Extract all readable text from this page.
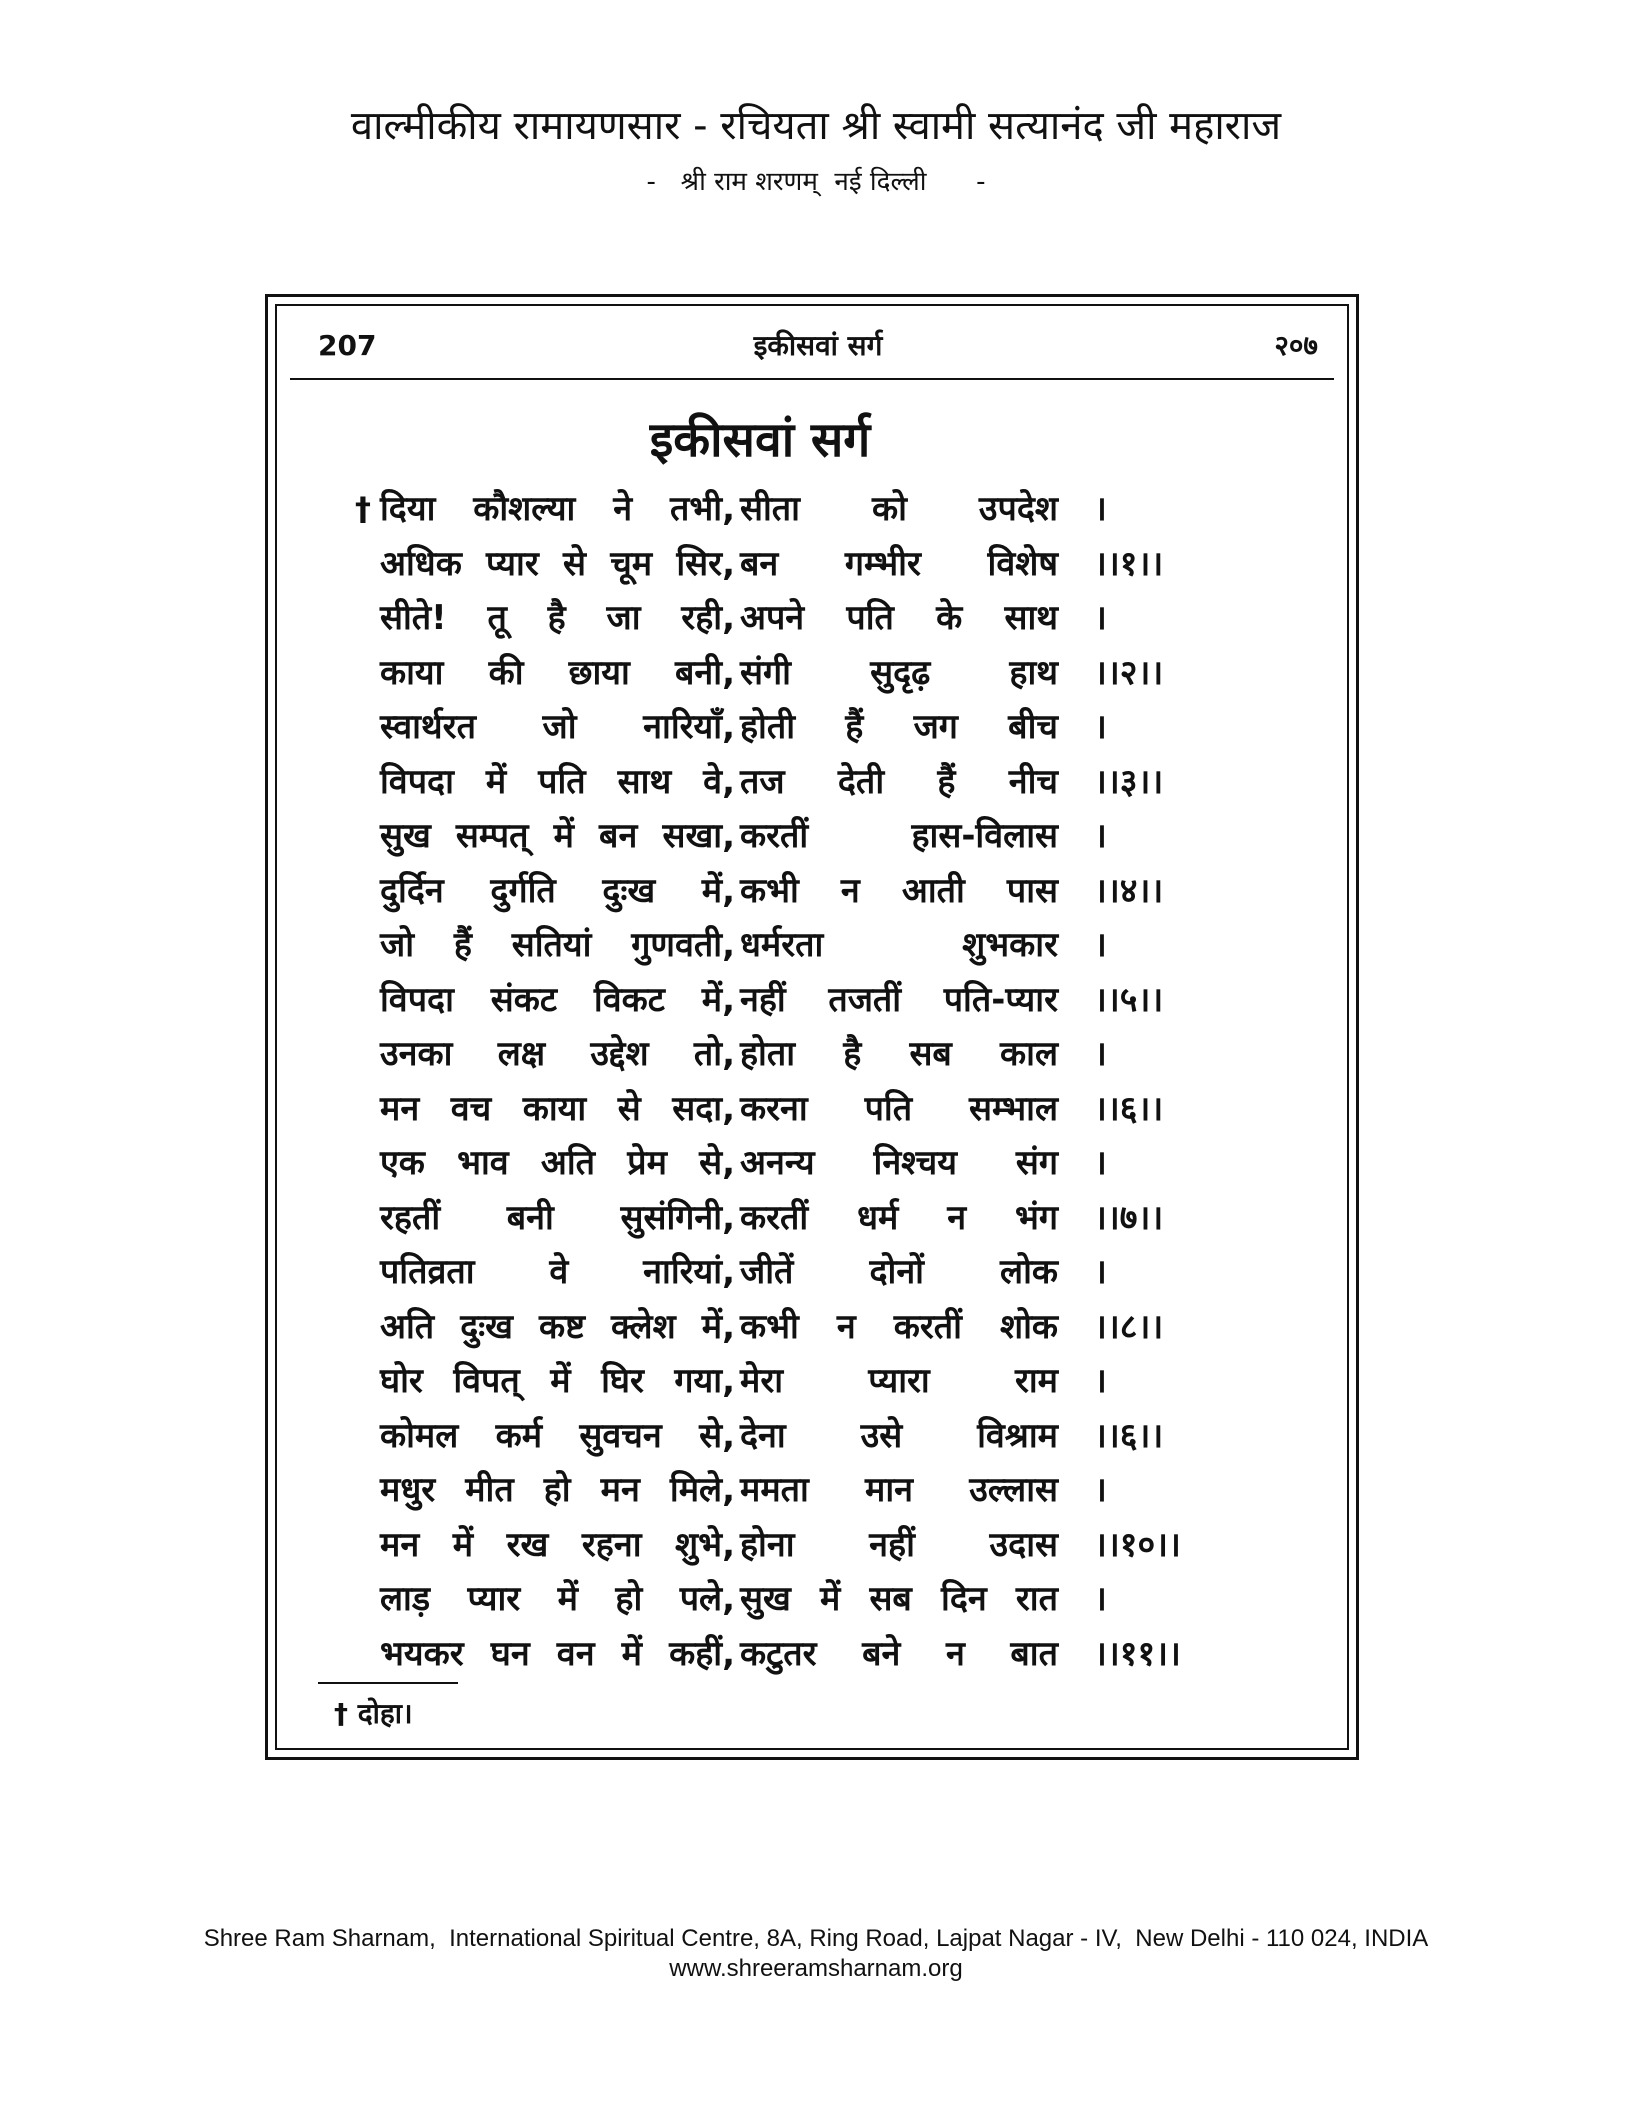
वाल्मीकीय रामायणसार - रचियता श्री स्वामी सत्यानंद जी महाराज
-   श्री राम शरणम्  नई दिल्ली      -
इकीसवां सर्ग
207	२०७
इकीसवां सर्ग
† दिया कौशल्या ने तभी, सीता को उपदेश ।
अधिक प्यार से चूम सिर, बन गम्भीर विशेष ।।१।।
सीते! तू है जा रही, अपने पति के साथ ।
काया की छाया बनी, संगी सुदृढ़ हाथ ।।२।।
स्वार्थरत जो नारियाँ, होती हैं जग बीच ।
विपदा में पति साथ वे, तज देती हैं नीच ।।३।।
सुख सम्पत् में बन सखा, करतीं हास-विलास ।
दुर्दिन दुर्गति दुःख में, कभी न आती पास ।।४।।
जो हैं सतियां गुणवती, धर्मरता शुभकार ।
विपदा संकट विकट में, नहीं तजतीं पति-प्यार ।।५।।
उनका लक्ष उद्देश तो, होता है सब काल ।
मन वच काया से सदा, करना पति सम्भाल ।।६।।
एक भाव अति प्रेम से, अनन्य निश्चय संग ।
रहतीं बनी सुसंगिनी, करतीं धर्म न भंग ।।७।।
पतिव्रता वे नारियां, जीतें दोनों लोक ।
अति दुःख कष्ट क्लेश में, कभी न करतीं शोक ।।८।।
घोर विपत् में घिर गया, मेरा प्यारा राम ।
कोमल कर्म सुवचन से, देना उसे विश्राम ।।६।।
मधुर मीत हो मन मिले, ममता मान उल्लास ।
मन में रख रहना शुभे, होना नहीं उदास ।।१०।।
लाड़ प्यार में हो पले, सुख में सब दिन रात ।
भयकर घन वन में कहीं, कटुतर बने न बात ।।११।।
† दोहा।
Shree Ram Sharnam,  International Spiritual Centre, 8A, Ring Road, Lajpat Nagar - IV,  New Delhi - 110 024, INDIA
www.shreeramsharnam.org
